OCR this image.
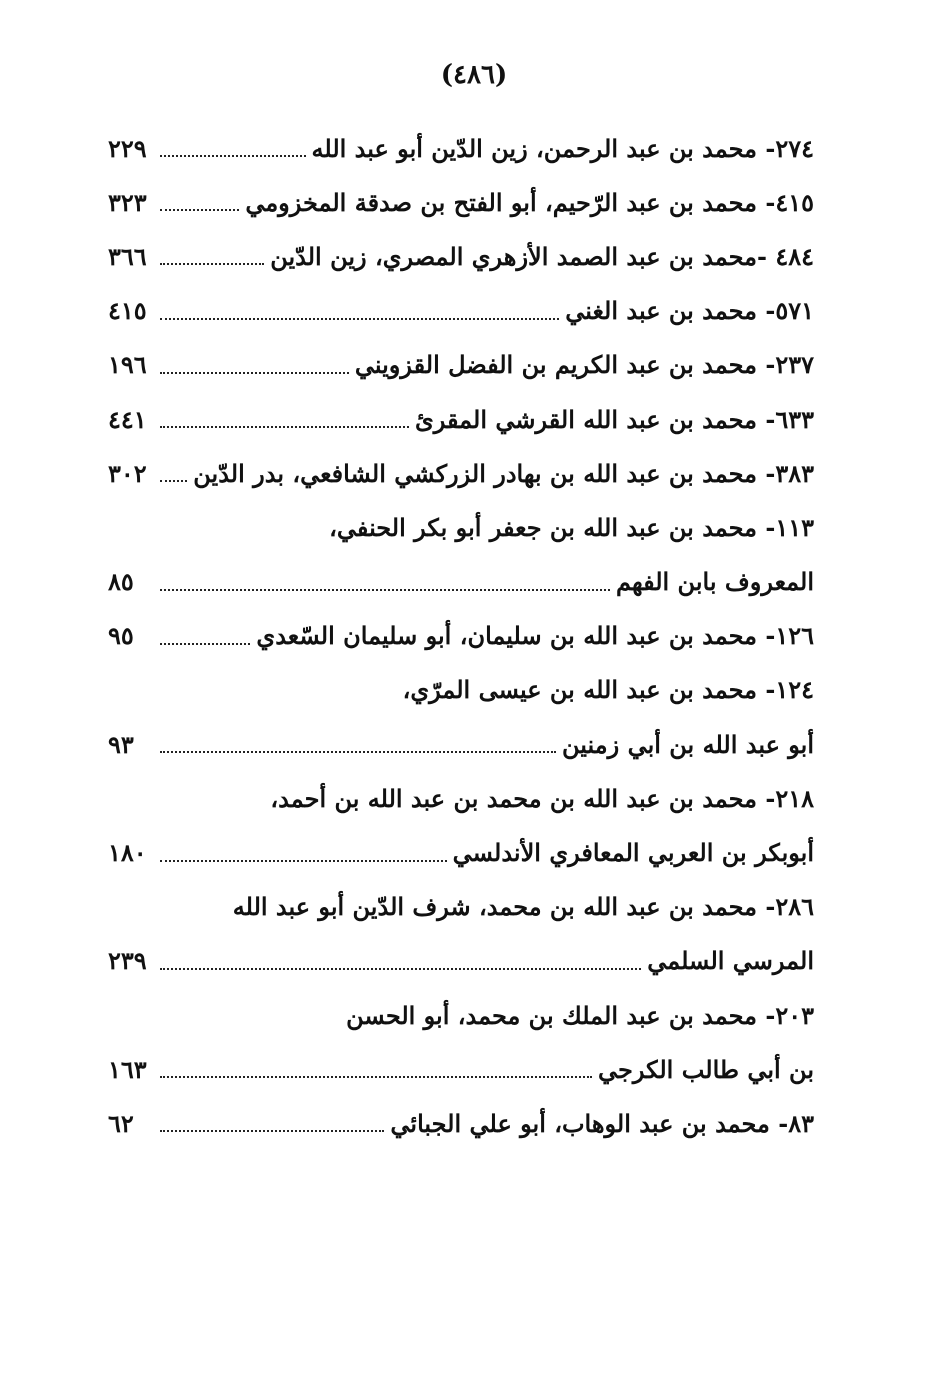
(٤٨٦)
٢٧٤- محمد بن عبد الرحمن، زين الدّين أبو عبد الله
٢٢٩
٤١٥- محمد بن عبد الرّحيم، أبو الفتح بن صدقة المخزومي
٣٢٣
٤٨٤ -محمد بن عبد الصمد الأزهري المصري، زين الدّين
٣٦٦
٥٧١- محمد بن عبد الغني
٤١٥
٢٣٧- محمد بن عبد الكريم بن الفضل القزويني
١٩٦
٦٣٣- محمد بن عبد الله القرشي المقرئ
٤٤١
٣٨٣- محمد بن عبد الله بن بهادر الزركشي الشافعي، بدر الدّين
٣٠٢
١١٣- محمد بن عبد الله بن جعفر أبو بكر الحنفي،
المعروف بابن الفهم
٨٥
١٢٦- محمد بن عبد الله بن سليمان، أبو سليمان السّعدي
٩٥
١٢٤- محمد بن عبد الله بن عيسى المرّي،
أبو عبد الله بن أبي زمنين
٩٣
٢١٨- محمد بن عبد الله بن محمد بن عبد الله بن أحمد،
أبوبكر بن العربي المعافري الأندلسي
١٨٠
٢٨٦- محمد بن عبد الله بن محمد، شرف الدّين أبو عبد الله
المرسي السلمي
٢٣٩
٢٠٣- محمد بن عبد الملك بن محمد، أبو الحسن
بن أبي طالب الكرجي
١٦٣
٨٣- محمد بن عبد الوهاب، أبو علي الجبائي
٦٢
